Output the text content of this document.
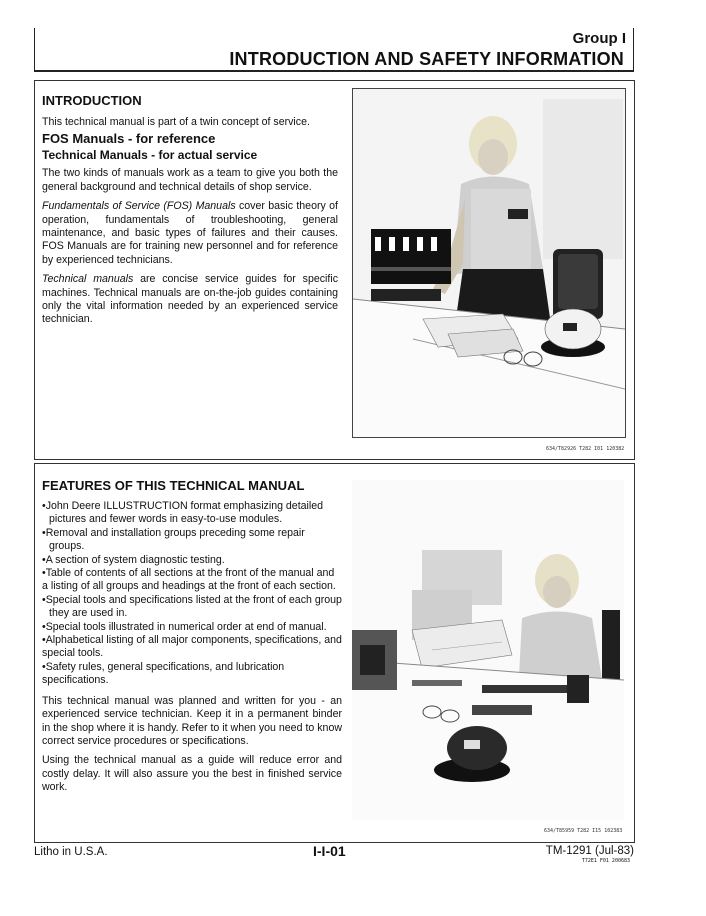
Group I
INTRODUCTION AND SAFETY INFORMATION

INTRODUCTION

This technical manual is part of a twin concept of service.

FOS Manuals - for reference

Technical Manuals - for actual service

The two kinds of manuals work as a team to give you both the general background and technical details of shop service.

Fundamentals of Service (FOS) Manuals cover basic theory of operation, fundamentals of troubleshooting, general maintenance, and basic types of failures and their causes. FOS Manuals are for training new personnel and for reference by experienced technicians.

Technical manuals are concise service guides for specific machines. Technical manuals are on-the-job guides containing only the vital information needed by an experienced service technician.

634/T82926 T282 I01 120382

FEATURES OF THIS TECHNICAL MANUAL

•John Deere ILLUSTRUCTION format emphasizing detailed pictures and fewer words in easy-to-use modules.

•Removal and installation groups preceding some repair groups.

•A section of system diagnostic testing.

•Table of contents of all sections at the front of the manual and a listing of all groups and headings at the front of each section.

•Special tools and specifications listed at the front of each group they are used in.

•Special tools illustrated in numerical order at end of manual.

•Alphabetical listing of all major components, specifications, and special tools.

•Safety rules, general specifications, and lubrication specifications.

This technical manual was planned and written for you - an experienced service technician. Keep it in a permanent binder in the shop where it is handy. Refer to it when you need to know correct service procedures or specifications.

Using the technical manual as a guide will reduce error and costly delay. It will also assure you the best in finished service work.

634/T85959 T282 I15 102383
Litho in U.S.A.	I-I-01	TM-1291 (Jul-83)
T72E1 F01 200683
